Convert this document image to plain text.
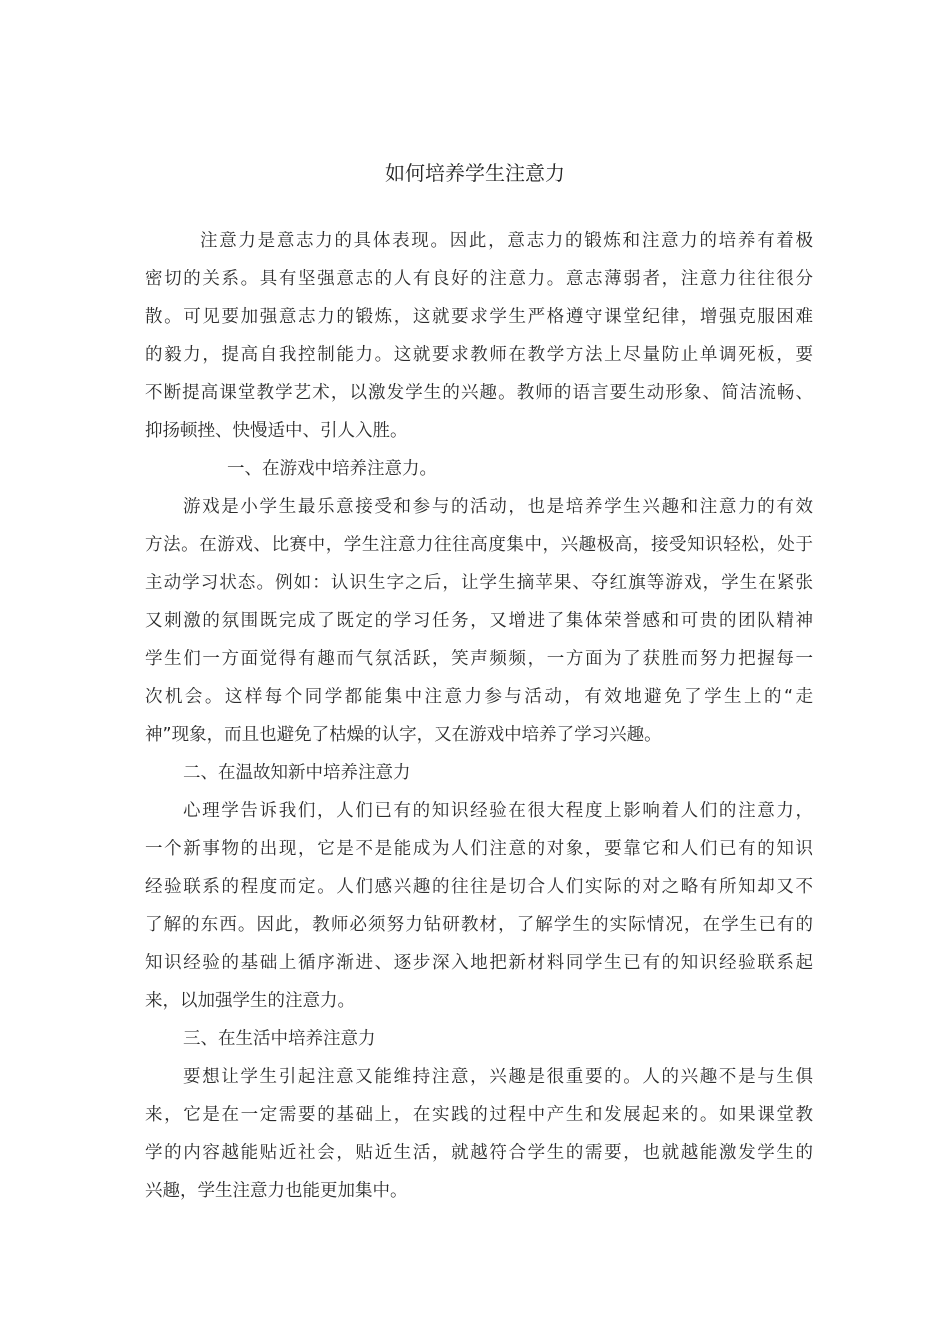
如何培养学生注意力
注意力是意志力的具体表现。因此，意志力的锻炼和注意力的培养有着极
密切的关系。具有坚强意志的人有良好的注意力。意志薄弱者，注意力往往很分
散。可见要加强意志力的锻炼，这就要求学生严格遵守课堂纪律，增强克服困难
的毅力，提高自我控制能力。这就要求教师在教学方法上尽量防止单调死板，要
不断提高课堂教学艺术，以激发学生的兴趣。教师的语言要生动形象、简洁流畅、
抑扬顿挫、快慢适中、引人入胜。
一、在游戏中培养注意力。
游戏是小学生最乐意接受和参与的活动，也是培养学生兴趣和注意力的有效
方法。在游戏、比赛中，学生注意力往往高度集中，兴趣极高，接受知识轻松，处于
主动学习状态。例如：认识生字之后，让学生摘苹果、夺红旗等游戏，学生在紧张
又刺激的氛围既完成了既定的学习任务，又增进了集体荣誉感和可贵的团队精神
学生们一方面觉得有趣而气氛活跃，笑声频频，一方面为了获胜而努力把握每一
次机会。这样每个同学都能集中注意力参与活动，有效地避免了学生上的“走
神”现象，而且也避免了枯燥的认字，又在游戏中培养了学习兴趣。
二、在温故知新中培养注意力
心理学告诉我们，人们已有的知识经验在很大程度上影响着人们的注意力，
一个新事物的出现，它是不是能成为人们注意的对象，要靠它和人们已有的知识
经验联系的程度而定。人们感兴趣的往往是切合人们实际的对之略有所知却又不
了解的东西。因此，教师必须努力钻研教材，了解学生的实际情况，在学生已有的
知识经验的基础上循序渐进、逐步深入地把新材料同学生已有的知识经验联系起
来，以加强学生的注意力。
三、在生活中培养注意力
要想让学生引起注意又能维持注意，兴趣是很重要的。人的兴趣不是与生俱
来，它是在一定需要的基础上，在实践的过程中产生和发展起来的。如果课堂教
学的内容越能贴近社会，贴近生活，就越符合学生的需要，也就越能激发学生的
兴趣，学生注意力也能更加集中。
